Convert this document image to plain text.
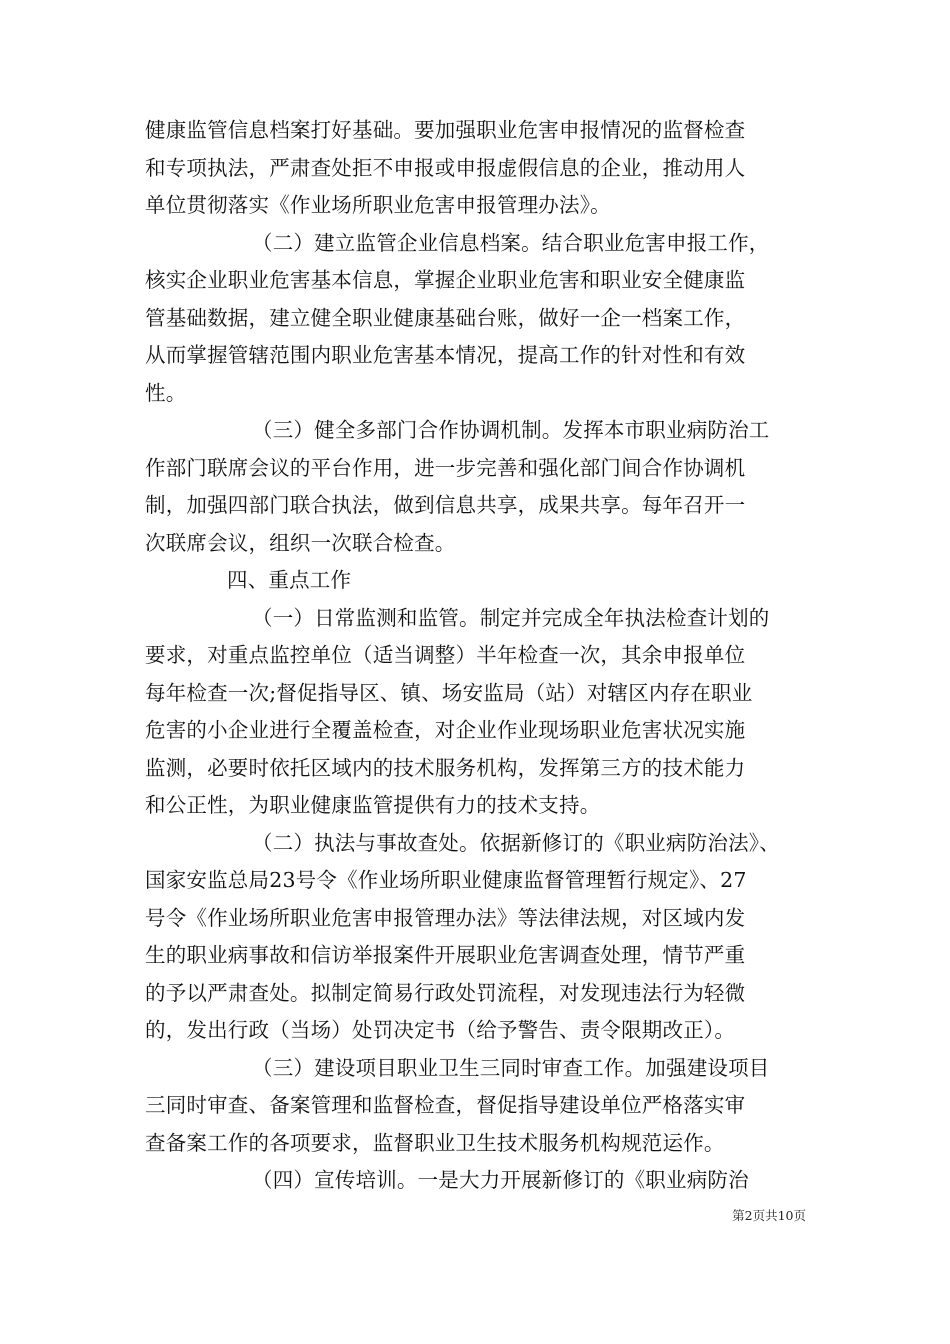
健康监管信息档案打好基础。要加强职业危害申报情况的监督检查
和专项执法，严肃查处拒不申报或申报虚假信息的企业，推动用人
单位贯彻落实《作业场所职业危害申报管理办法》。
（二）建立监管企业信息档案。结合职业危害申报工作，
核实企业职业危害基本信息，掌握企业职业危害和职业安全健康监
管基础数据，建立健全职业健康基础台账，做好一企一档案工作，
从而掌握管辖范围内职业危害基本情况，提高工作的针对性和有效
性。
（三）健全多部门合作协调机制。发挥本市职业病防治工
作部门联席会议的平台作用，进一步完善和强化部门间合作协调机
制，加强四部门联合执法，做到信息共享，成果共享。每年召开一
次联席会议，组织一次联合检查。
四、重点工作
（一）日常监测和监管。制定并完成全年执法检查计划的
要求，对重点监控单位（适当调整）半年检查一次，其余申报单位
每年检查一次;督促指导区、镇、场安监局（站）对辖区内存在职业
危害的小企业进行全覆盖检查，对企业作业现场职业危害状况实施
监测，必要时依托区域内的技术服务机构，发挥第三方的技术能力
和公正性，为职业健康监管提供有力的技术支持。
（二）执法与事故查处。依据新修订的《职业病防治法》、
国家安监总局23号令《作业场所职业健康监督管理暂行规定》、27
号令《作业场所职业危害申报管理办法》等法律法规，对区域内发
生的职业病事故和信访举报案件开展职业危害调查处理，情节严重
的予以严肃查处。拟制定简易行政处罚流程，对发现违法行为轻微
的，发出行政（当场）处罚决定书（给予警告、责令限期改正）。
（三）建设项目职业卫生三同时审查工作。加强建设项目
三同时审查、备案管理和监督检查，督促指导建设单位严格落实审
查备案工作的各项要求，监督职业卫生技术服务机构规范运作。
（四）宣传培训。一是大力开展新修订的《职业病防治
第2页共10页
